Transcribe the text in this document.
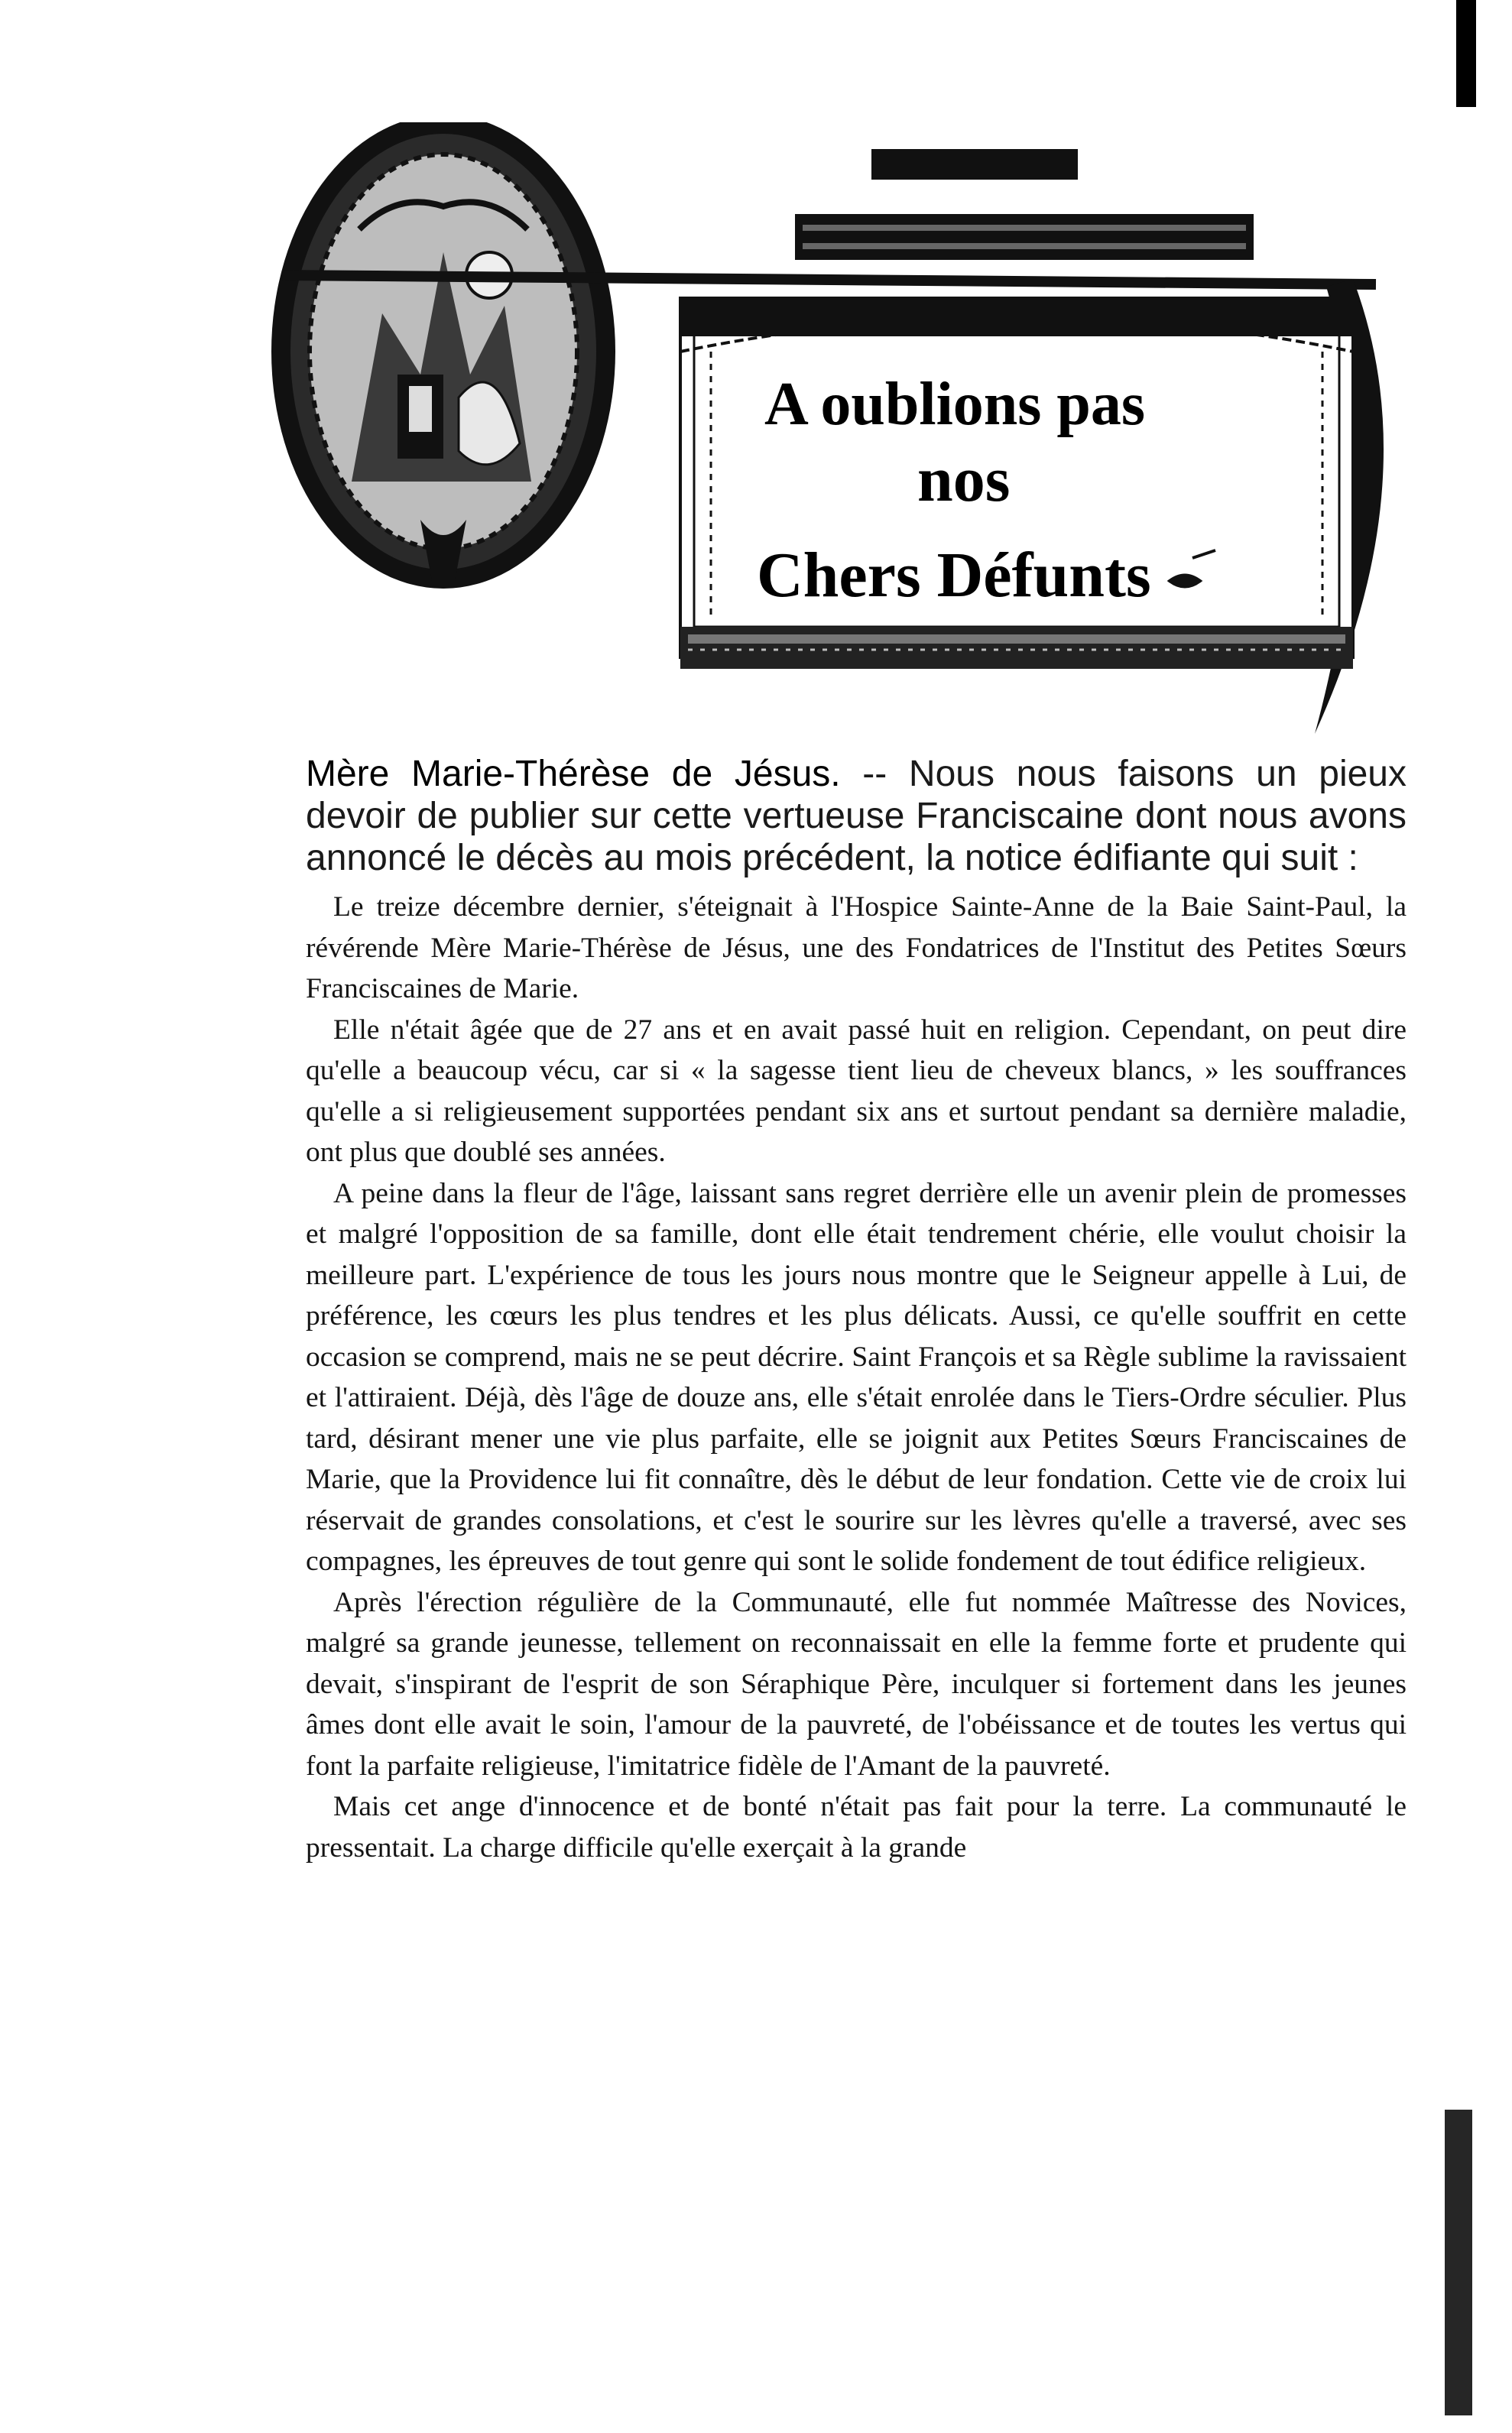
A oublions pas
nos
Chers Défunts

Mère Marie-Thérèse de Jésus. -- Nous nous faisons un pieux devoir de publier sur cette vertueuse Franciscaine dont nous avons annoncé le décès au mois précédent, la notice édifiante qui suit :

Le treize décembre dernier, s'éteignait à l'Hospice Sainte-Anne de la Baie Saint-Paul, la révérende Mère Marie-Thérèse de Jésus, une des Fondatrices de l'Institut des Petites Sœurs Franciscaines de Marie.

Elle n'était âgée que de 27 ans et en avait passé huit en religion. Cependant, on peut dire qu'elle a beaucoup vécu, car si « la sagesse tient lieu de cheveux blancs, » les souffrances qu'elle a si religieusement supportées pendant six ans et surtout pendant sa dernière maladie, ont plus que doublé ses années.

A peine dans la fleur de l'âge, laissant sans regret derrière elle un avenir plein de promesses et malgré l'opposition de sa famille, dont elle était tendrement chérie, elle voulut choisir la meilleure part. L'expérience de tous les jours nous montre que le Seigneur appelle à Lui, de préférence, les cœurs les plus tendres et les plus délicats. Aussi, ce qu'elle souffrit en cette occasion se comprend, mais ne se peut décrire. Saint François et sa Règle sublime la ravissaient et l'attiraient. Déjà, dès l'âge de douze ans, elle s'était enrolée dans le Tiers-Ordre séculier. Plus tard, désirant mener une vie plus parfaite, elle se joignit aux Petites Sœurs Franciscaines de Marie, que la Providence lui fit connaître, dès le début de leur fondation. Cette vie de croix lui réservait de grandes consolations, et c'est le sourire sur les lèvres qu'elle a traversé, avec ses compagnes, les épreuves de tout genre qui sont le solide fondement de tout édifice religieux.

Après l'érection régulière de la Communauté, elle fut nommée Maîtresse des Novices, malgré sa grande jeunesse, tellement on reconnaissait en elle la femme forte et prudente qui devait, s'inspirant de l'esprit de son Séraphique Père, inculquer si fortement dans les jeunes âmes dont elle avait le soin, l'amour de la pauvreté, de l'obéissance et de toutes les vertus qui font la parfaite religieuse, l'imitatrice fidèle de l'Amant de la pauvreté.

Mais cet ange d'innocence et de bonté n'était pas fait pour la terre. La communauté le pressentait. La charge difficile qu'elle exerçait à la grande
